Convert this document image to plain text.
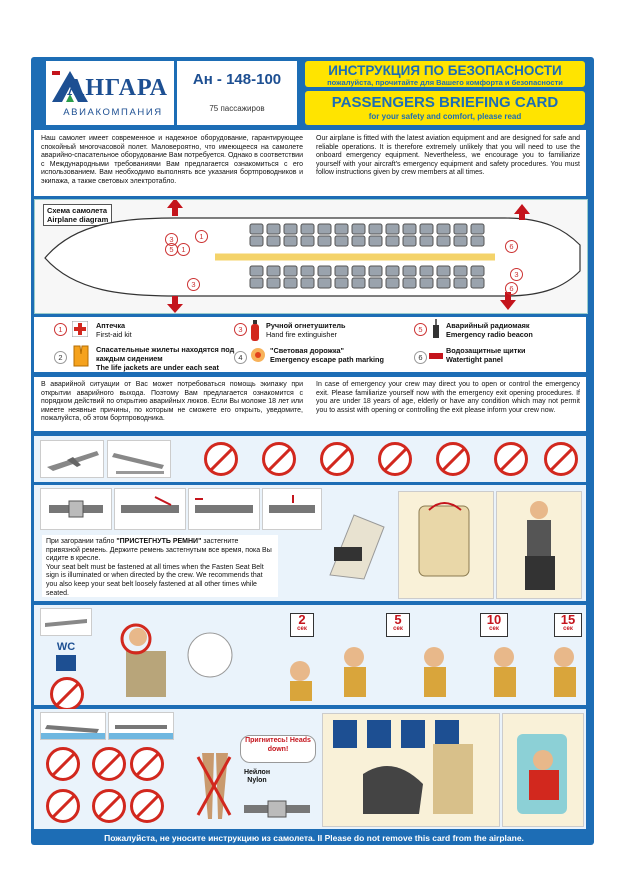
АНГАРА
АВИАКОМПАНИЯ
Ан - 148-100
75 пассажиров
ИНСТРУКЦИЯ ПО БЕЗОПАСНОСТИ
пожалуйста, прочитайте для Вашего комфорта и безопасности
PASSENGERS BRIEFING CARD
for your safety and comfort, please read
Наш самолет имеет современное и надежное оборудование, гарантирующее спокойный многочасовой полет. Маловероятно, что имеющееся на самолете аварийно-спасательное оборудование Вам потребуется. Однако в соответствии с Международными требованиями Вам предлагается ознакомиться с его использованием. Вам необходимо выполнять все указания бортпроводников и экипажа, а также световых электротабло.
Our airplane is fitted with the latest aviation equipment and are designed for safe and reliable operations. It is therefore extremely unlikely that you will need to use the onboard emergency equipment. Nevertheless, we encourage you to familiarize yourself with your aircraft's emergency equipment and safety procedures. You must follow instructions given by crew members at all times.
Схема самолета
Airplane diagram
1
1
3
5
3
6
3
6
1	Аптечка
First-aid kit
2
Спасательные жилеты находятся под каждым сидением
The life jackets are under each seat
3	Ручной огнетушитель
Hand fire extinguisher
4
"Световая дорожка"
Emergency escape path marking
5	Аварийный радиомаяк
Emergency radio beacon
6
Водозащитные щитки
Watertight panel
В аварийной ситуации от Вас может потребоваться помощь экипажу при открытии аварийного выхода. Поэтому Вам предлагается ознакомится с порядком действий по открытию аварийных люков. Если Вы моложе 18 лет или имеете неявные причины, по которым не сможете его открыть, уведомите, пожалуйста, об этом бортпроводника.
In case of emergency your crew may direct you to open or control the emergency exit. Please familiarize yourself now with the emergency exit opening procedures. If you are under 18 years of age, elderly or have any condition which may not permit you to assist with opening or controlling the exit please inform your crew now.
При загорании табло "ПРИСТЕГНУТЬ РЕМНИ" застегните привязной ремень. Держите ремень застегнутым все время, пока Вы сидите в кресле.
Your seat belt must be fastened at all times when the Fasten Seat Belt sign is illuminated or when directed by the crew. We recommends that you also keep your seat belt loosely fastened at all other times while seated.
WC
2
сек
5
сек
10
сек
15
сек
Нейлон
Nylon
Пригнитесь! Heads down!
Пожалуйста, не уносите инструкцию из самолета. II Please do not remove this card from the airplane.
